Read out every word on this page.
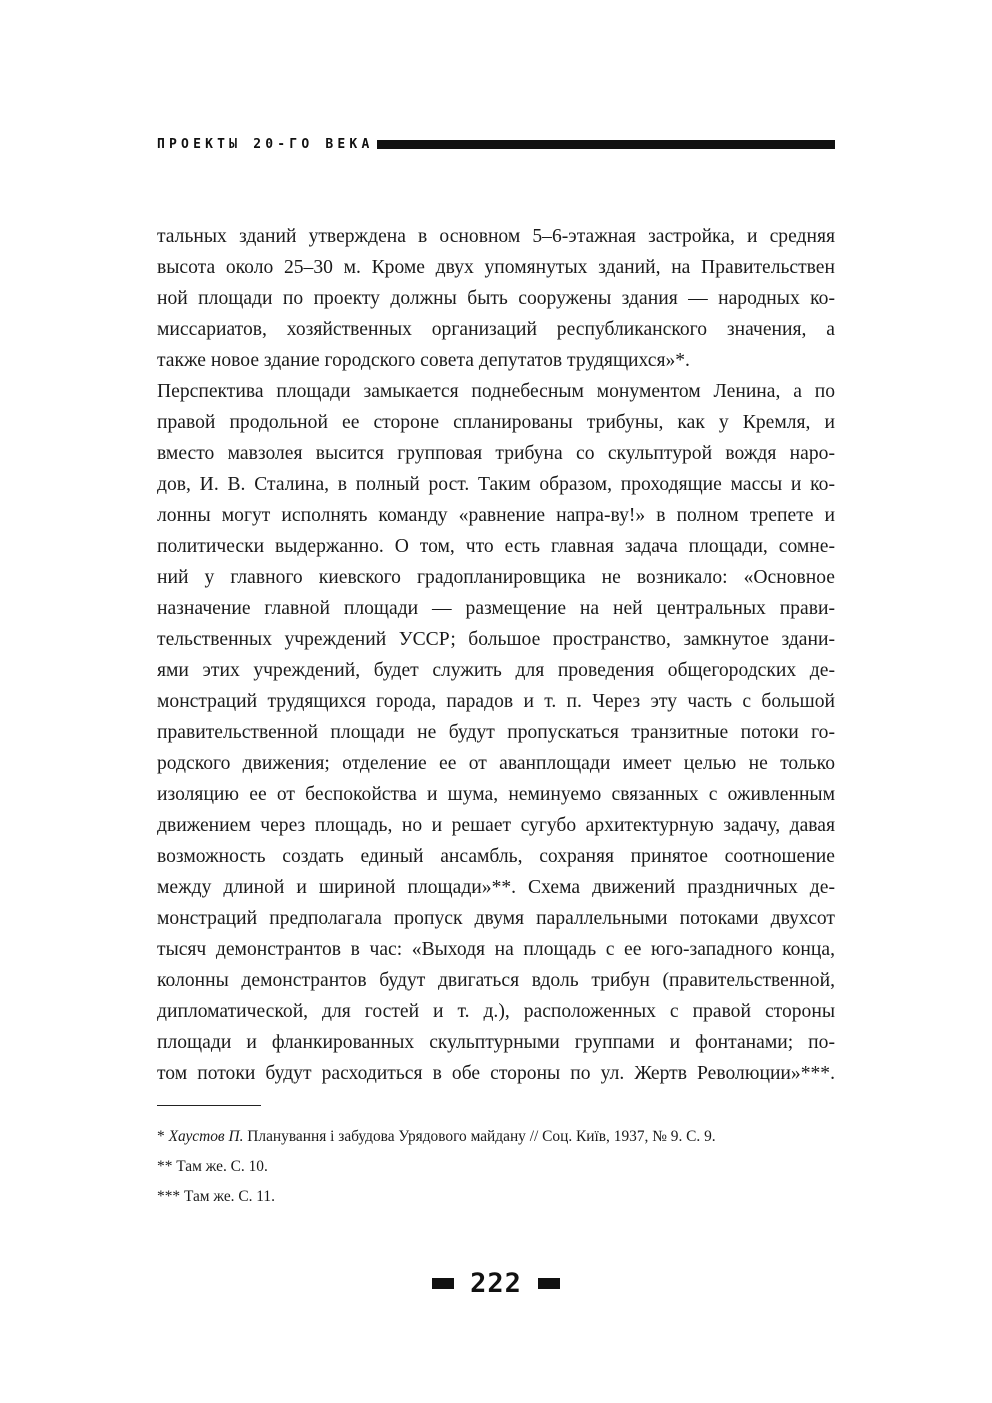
ПРОЕКТЫ 20-ГО ВЕКА
тальных зданий утверждена в основном 5–6-этажная застройка, и средняя
высота около 25–30 м. Кроме двух упомянутых зданий, на Правительствен
ной площади по проекту должны быть сооружены здания — народных ко-
миссариатов, хозяйственных организаций республиканского значения, а
также новое здание городского совета депутатов трудящихся»*.
Перспектива площади замыкается поднебесным монументом Ленина, а по
правой продольной ее стороне спланированы трибуны, как у Кремля, и
вместо мавзолея высится групповая трибуна со скульптурой вождя наро-
дов, И. В. Сталина, в полный рост. Таким образом, проходящие массы и ко-
лонны могут исполнять команду «равнение напра-ву!» в полном трепете и
политически выдержанно. О том, что есть главная задача площади, сомне-
ний у главного киевского градопланировщика не возникало: «Основное
назначение главной площади — размещение на ней центральных прави-
тельственных учреждений УССР; большое пространство, замкнутое здани-
ями этих учреждений, будет служить для проведения общегородских де-
монстраций трудящихся города, парадов и т. п. Через эту часть с большой
правительственной площади не будут пропускаться транзитные потоки го-
родского движения; отделение ее от аванплощади имеет целью не только
изоляцию ее от беспокойства и шума, неминуемо связанных с оживленным
движением через площадь, но и решает сугубо архитектурную задачу, давая
возможность создать единый ансамбль, сохраняя принятое соотношение
между длиной и шириной площади»**. Схема движений праздничных де-
монстраций предполагала пропуск двумя параллельными потоками двухсот
тысяч демонстрантов в час: «Выходя на площадь с ее юго-западного конца,
колонны демонстрантов будут двигаться вдоль трибун (правительственной,
дипломатической, для гостей и т. д.), расположенных с правой стороны
площади и фланкированных скульптурными группами и фонтанами; по-
том потоки будут расходиться в обе стороны по ул. Жертв Революции»***.
* Хаустов П. Планування і забудова Урядового майдану // Соц. Київ, 1937, № 9. С. 9.
** Там же. С. 10.
*** Там же. С. 11.
222
